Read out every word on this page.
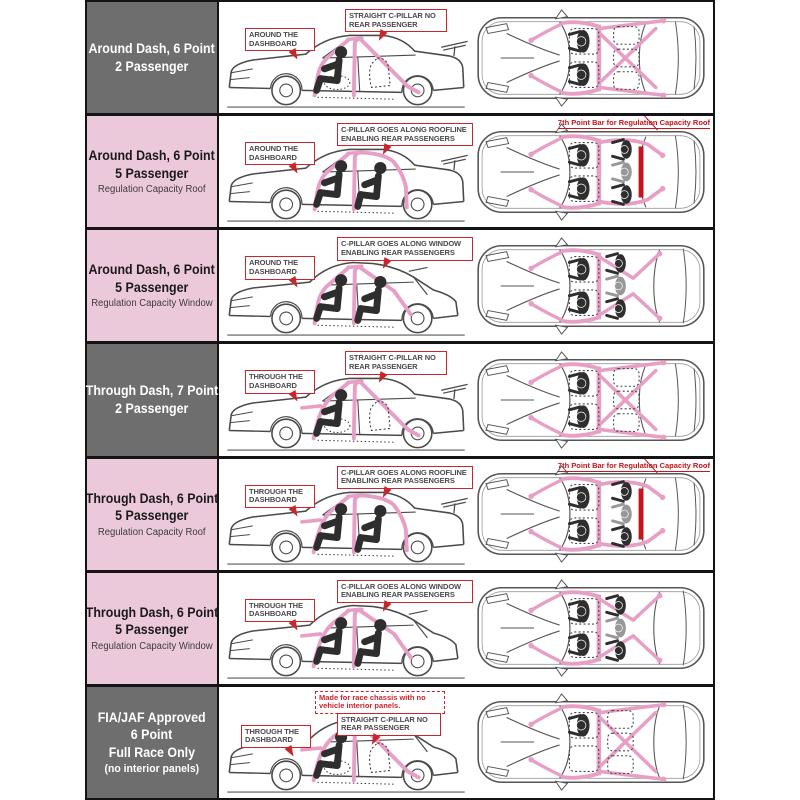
Around Dash, 6 Point
2 Passenger
AROUND THE DASHBOARD
STRAIGHT C-PILLAR NO REAR PASSENGER
Around Dash, 6 Point
5 Passenger
Regulation Capacity Roof
AROUND THE DASHBOARD
C-PILLAR GOES ALONG ROOFLINE ENABLING REAR PASSENGERS
7th Point Bar for Regulation Capacity Roof
Around Dash, 6 Point
5 Passenger
Regulation Capacity Window
AROUND THE DASHBOARD
C-PILLAR GOES ALONG WINDOW ENABLING REAR PASSENGERS
Through Dash, 7 Point
2 Passenger
THROUGH THE DASHBOARD
STRAIGHT C-PILLAR NO REAR PASSENGER
Through Dash, 6 Point
5 Passenger
Regulation Capacity Roof
THROUGH THE DASHBOARD
C-PILLAR GOES ALONG ROOFLINE ENABLING REAR PASSENGERS
7th Point Bar for Regulation Capacity Roof
Through Dash, 6 Point
5 Passenger
Regulation Capacity Window
THROUGH THE DASHBOARD
C-PILLAR GOES ALONG WINDOW ENABLING REAR PASSENGERS
FIA/JAF Approved
6 Point
Full Race Only
(no interior panels)
Made for race chassis with no vehicle interior panels.
THROUGH THE DASHBOARD
STRAIGHT C-PILLAR NO REAR PASSENGER
